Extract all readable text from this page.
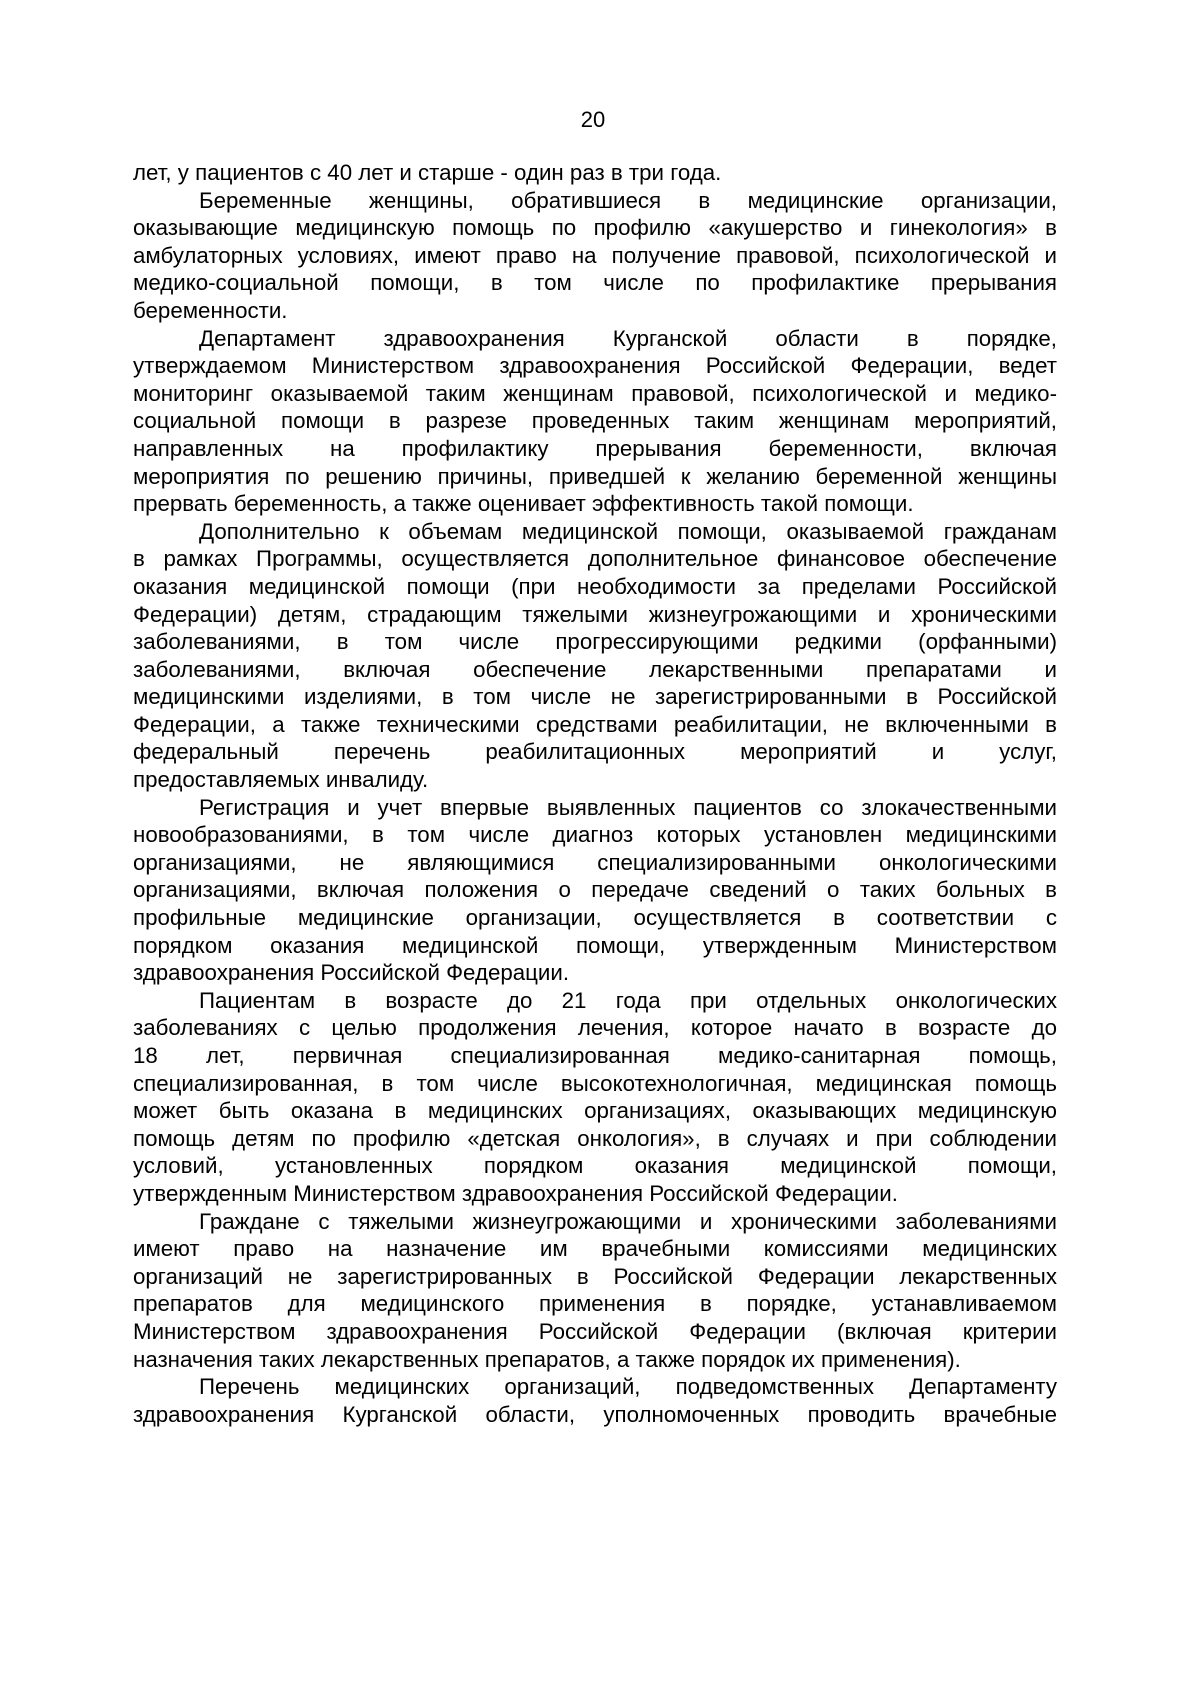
20
лет, у пациентов с 40 лет и старше - один раз в три года.
Беременные женщины, обратившиеся в медицинские организации,
оказывающие медицинскую помощь по профилю «акушерство и гинекология» в
амбулаторных условиях, имеют право на получение правовой, психологической и
медико-социальной помощи, в том числе по профилактике прерывания
беременности.
Департамент здравоохранения Курганской области в порядке,
утверждаемом Министерством здравоохранения Российской Федерации, ведет
мониторинг оказываемой таким женщинам правовой, психологической и медико-
социальной помощи в разрезе проведенных таким женщинам мероприятий,
направленных на профилактику прерывания беременности, включая
мероприятия по решению причины, приведшей к желанию беременной женщины
прервать беременность, а также оценивает эффективность такой помощи.
Дополнительно к объемам медицинской помощи, оказываемой гражданам
в рамках Программы, осуществляется дополнительное финансовое обеспечение
оказания медицинской помощи (при необходимости за пределами Российской
Федерации) детям, страдающим тяжелыми жизнеугрожающими и хроническими
заболеваниями, в том числе прогрессирующими редкими (орфанными)
заболеваниями, включая обеспечение лекарственными препаратами и
медицинскими изделиями, в том числе не зарегистрированными в Российской
Федерации, а также техническими средствами реабилитации, не включенными в
федеральный перечень реабилитационных мероприятий и услуг,
предоставляемых инвалиду.
Регистрация и учет впервые выявленных пациентов со злокачественными
новообразованиями, в том числе диагноз которых установлен медицинскими
организациями, не являющимися специализированными онкологическими
организациями, включая положения о передаче сведений о таких больных в
профильные медицинские организации, осуществляется в соответствии с
порядком оказания медицинской помощи, утвержденным Министерством
здравоохранения Российской Федерации.
Пациентам в возрасте до 21 года при отдельных онкологических
заболеваниях с целью продолжения лечения, которое начато в возрасте до
18 лет, первичная специализированная медико-санитарная помощь,
специализированная, в том числе высокотехнологичная, медицинская помощь
может быть оказана в медицинских организациях, оказывающих медицинскую
помощь детям по профилю «детская онкология», в случаях и при соблюдении
условий, установленных порядком оказания медицинской помощи,
утвержденным Министерством здравоохранения Российской Федерации.
Граждане с тяжелыми жизнеугрожающими и хроническими заболеваниями
имеют право на назначение им врачебными комиссиями медицинских
организаций не зарегистрированных в Российской Федерации лекарственных
препаратов для медицинского применения в порядке, устанавливаемом
Министерством здравоохранения Российской Федерации (включая критерии
назначения таких лекарственных препаратов, а также порядок их применения).
Перечень медицинских организаций, подведомственных Департаменту
здравоохранения Курганской области, уполномоченных проводить врачебные
